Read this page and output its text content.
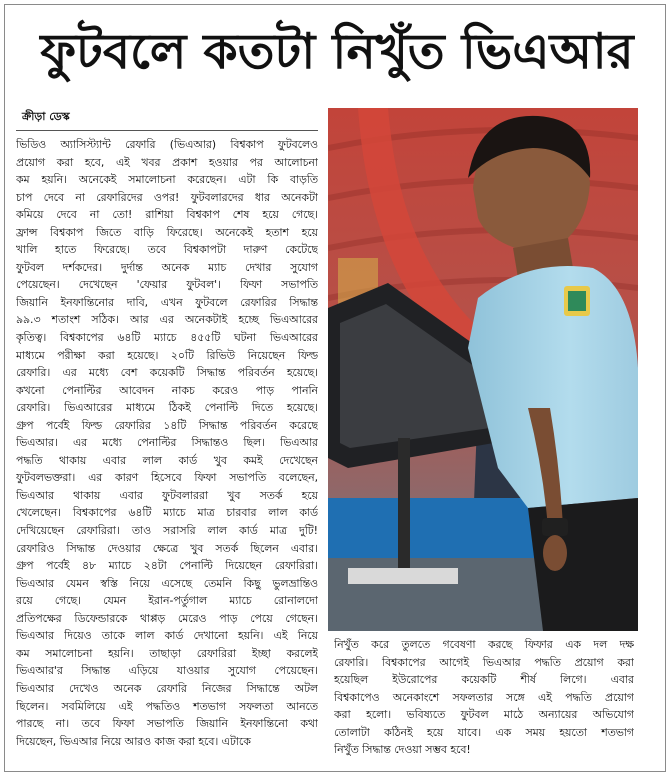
ফুটবলে কতটা নিখুঁত ভিএআর
ক্রীড়া ডেস্ক

ভিডিও অ্যাসিস্ট্যান্ট রেফারি (ভিএআর) বিশ্বকাপ ফুটবলেও

প্রয়োগ করা হবে, এই খবর প্রকাশ হওয়ার পর আলোচনা

কম হয়নি। অনেকেই সমালোচনা করেছেন। এটা কি বাড়তি

চাপ দেবে না রেফারিদের ওপর! ফুটবলারদের ধার অনেকটা

কমিয়ে দেবে না তো! রাশিয়া বিশ্বকাপ শেষ হয়ে গেছে।

ফ্রান্স বিশ্বকাপ জিতে বাড়ি ফিরেছে। অনেকেই হতাশ হয়ে

খালি হাতে ফিরেছে। তবে বিশ্বকাপটা দারুণ কেটেছে

ফুটবল দর্শকদের। দুর্দান্ত অনেক ম্যাচ দেখার সুযোগ

পেয়েছেন। দেখেছেন 'ফেয়ার ফুটবল'। ফিফা সভাপতি

জিয়ানি ইনফান্তিনোর দাবি, এখন ফুটবলে রেফারির সিদ্ধান্ত

৯৯.৩ শতাংশ সঠিক। আর এর অনেকটাই হচ্ছে ভিএআরের

কৃতিত্ব। বিশ্বকাপের ৬৪টি ম্যাচে ৪৫৫টি ঘটনা ভিএআরের

মাধ্যমে পরীক্ষা করা হয়েছে। ২০টি রিভিউ নিয়েছেন ফিল্ড

রেফারি। এর মধ্যে বেশ কয়েকটি সিদ্ধান্ত পরিবর্তন হয়েছে।

কখনো পেনাল্টির আবেদন নাকচ করেও পাড় পাননি

রেফারি। ভিএআরের মাধ্যমে ঠিকই পেনাল্টি দিতে হয়েছে।

গ্রুপ পর্বেই ফিল্ড রেফারির ১৪টি সিদ্ধান্ত পরিবর্তন করেছে

ভিএআর। এর মধ্যে পেনাল্টির সিদ্ধান্তও ছিল। ভিএআর

পদ্ধতি থাকায় এবার লাল কার্ড খুব কমই দেখেছেন

ফুটবলভক্তরা। এর কারণ হিসেবে ফিফা সভাপতি বলেছেন,

ভিএআর থাকায় এবার ফুটবলাররা খুব সতর্ক হয়ে

খেলেছেন। বিশ্বকাপের ৬৪টি ম্যাচে মাত্র চারবার লাল কার্ড

দেখিয়েছেন রেফারিরা। তাও সরাসরি লাল কার্ড মাত্র দুটি!

রেফারিও সিদ্ধান্ত দেওয়ার ক্ষেত্রে খুব সতর্ক ছিলেন এবার।

গ্রুপ পর্বেই ৪৮ ম্যাচে ২৪টা পেনাল্টি দিয়েছেন রেফারিরা।

ভিএআর যেমন স্বস্তি নিয়ে এসেছে তেমনি কিছু ভুলভ্রান্তিও

রয়ে গেছে। যেমন ইরান-পর্তুগাল ম্যাচে রোনালদো

প্রতিপক্ষের ডিফেন্ডারকে থাপ্পড় মেরেও পাড় পেয়ে গেছেন।

ভিএআর দিয়েও তাকে লাল কার্ড দেখানো হয়নি। এই নিয়ে

কম সমালোচনা হয়নি। তাছাড়া রেফারিরা ইচ্ছা করলেই

ভিএআর'র সিদ্ধান্ত এড়িয়ে যাওয়ার সুযোগ পেয়েছেন।

ভিএআর দেখেও অনেক রেফারি নিজের সিদ্ধান্তে অটল

ছিলেন। সবমিলিয়ে এই পদ্ধতিও শতভাগ সফলতা আনতে

পারছে না। তবে ফিফা সভাপতি জিয়ানি ইনফান্তিনো কথা

দিয়েছেন, ভিএআর নিয়ে আরও কাজ করা হবে। এটাকে

নিখুঁত করে তুলতে গবেষণা করছে ফিফার এক দল দক্ষ

রেফারি। বিশ্বকাপের আগেই ভিএআর পদ্ধতি প্রয়োগ করা

হয়েছিল ইউরোপের কয়েকটি শীর্ষ লিগে। এবার

বিশ্বকাপেও অনেকাংশে সফলতার সঙ্গে এই পদ্ধতি প্রয়োগ

করা হলো। ভবিষ্যতে ফুটবল মাঠে অন্যায়ের অভিযোগ

তোলাটা কঠিনই হয়ে যাবে। এক সময় হয়তো শতভাগ

নিখুঁত সিদ্ধান্ত দেওয়া সম্ভব হবে!
